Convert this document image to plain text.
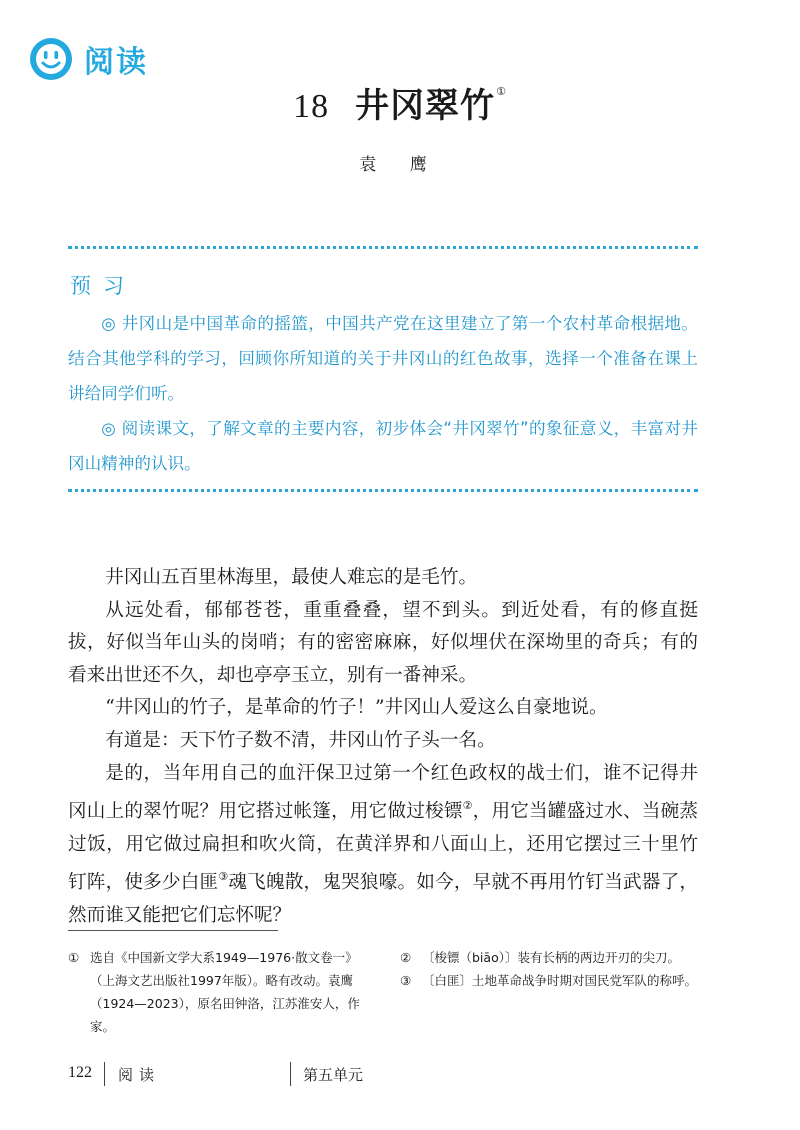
阅读
18 井冈翠竹①
袁 鹰
预习

◎ 井冈山是中国革命的摇篮，中国共产党在这里建立了第一个农村革命根据地。结合其他学科的学习，回顾你所知道的关于井冈山的红色故事，选择一个准备在课上讲给同学们听。

◎ 阅读课文，了解文章的主要内容，初步体会“井冈翠竹”的象征意义，丰富对井冈山精神的认识。

井冈山五百里林海里，最使人难忘的是毛竹。

从远处看，郁郁苍苍，重重叠叠，望不到头。到近处看，有的修直挺拔，好似当年山头的岗哨；有的密密麻麻，好似埋伏在深坳里的奇兵；有的看来出世还不久，却也亭亭玉立，别有一番神采。

“井冈山的竹子，是革命的竹子！”井冈山人爱这么自豪地说。

有道是：天下竹子数不清，井冈山竹子头一名。

是的，当年用自己的血汗保卫过第一个红色政权的战士们，谁不记得井冈山上的翠竹呢？用它搭过帐篷，用它做过梭镖②，用它当罐盛过水、当碗蒸过饭，用它做过扁担和吹火筒，在黄洋界和八面山上，还用它摆过三十里竹钉阵，使多少白匪③魂飞魄散，鬼哭狼嚎。如今，早就不再用竹钉当武器了，然而谁又能把它们忘怀呢？

① 选自《中国新文学大系1949—1976·散文卷一》（上海文艺出版社1997年版）。略有改动。袁鹰（1924—2023），原名田钟洛，江苏淮安人，作家。
② 〔梭镖（biāo）〕装有长柄的两边开刃的尖刀。
③ 〔白匪〕土地革命战争时期对国民党军队的称呼。
122 阅读	第五单元
